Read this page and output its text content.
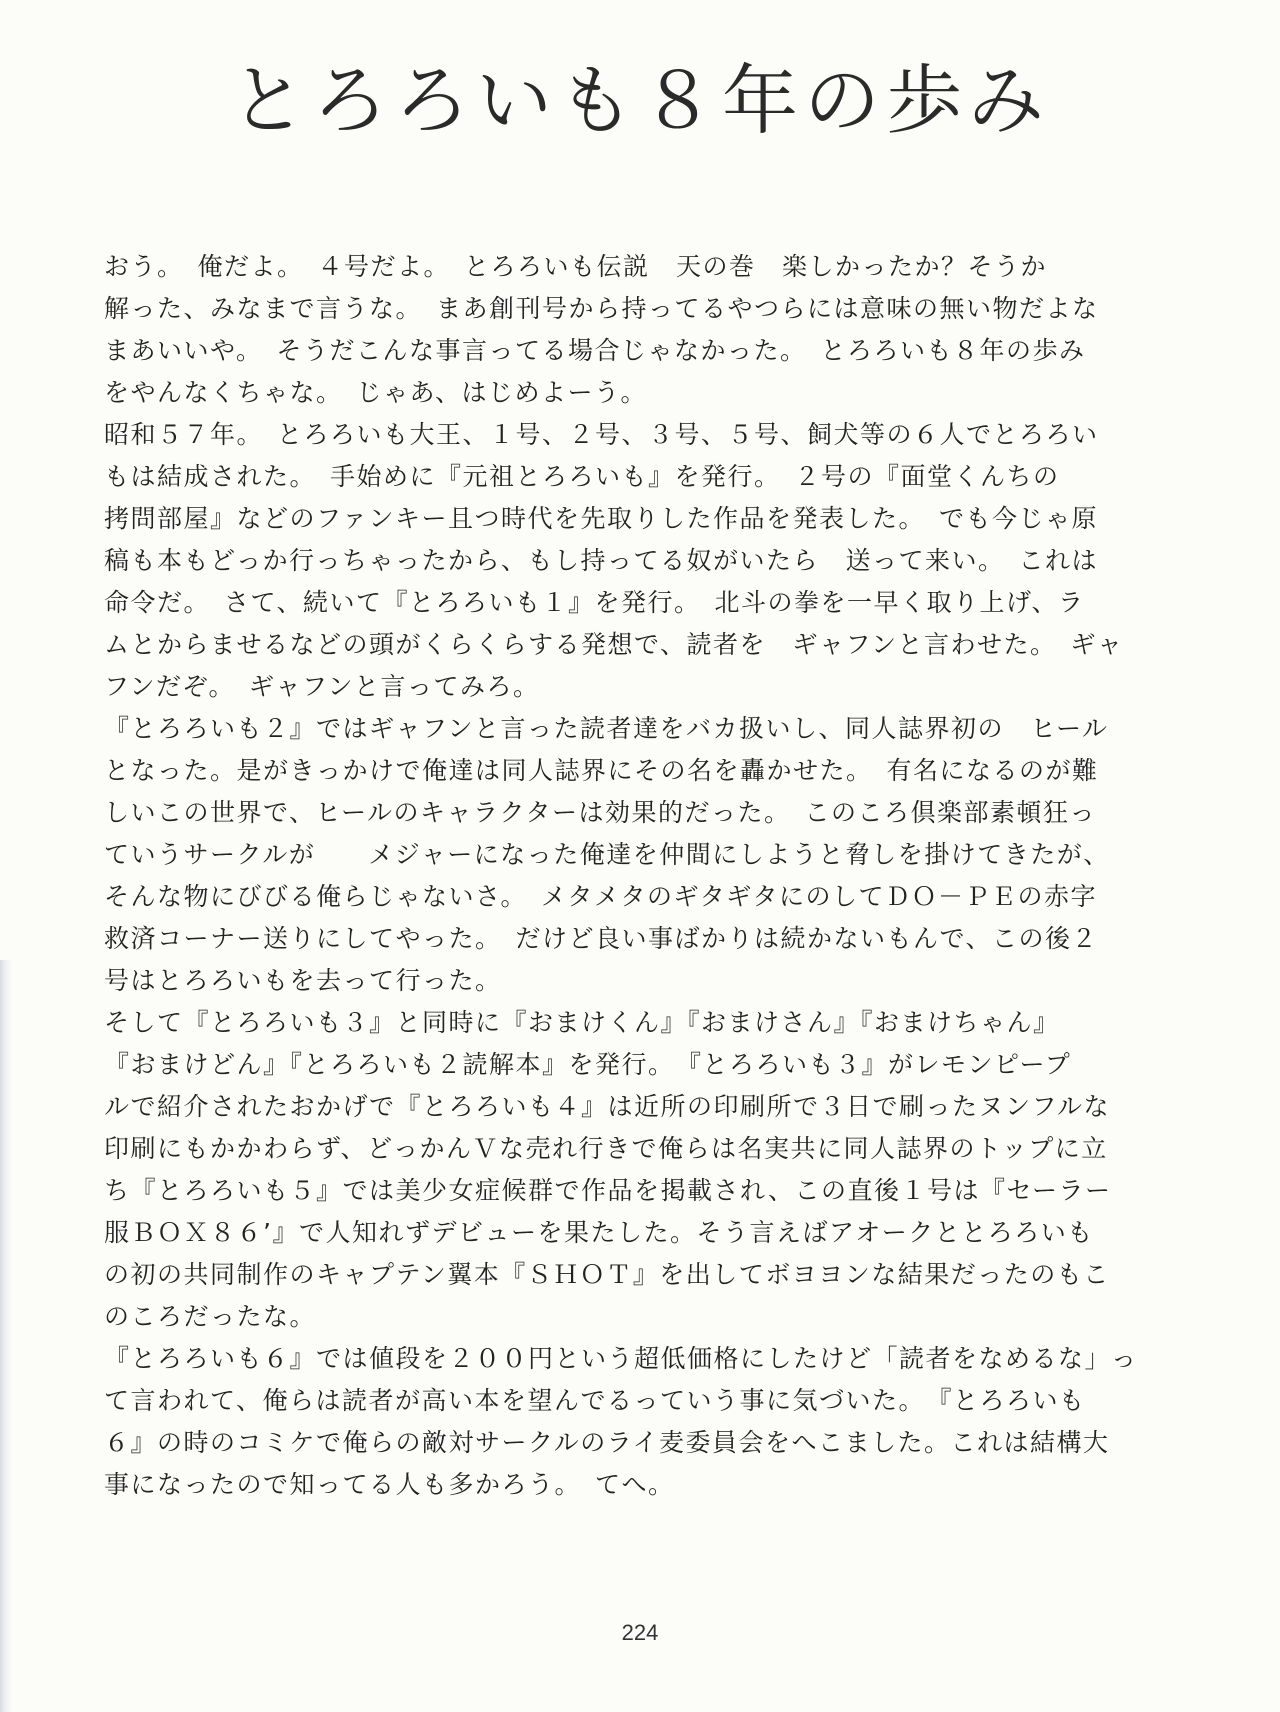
とろろいも８年の歩み
おう。　俺だよ。　４号だよ。　とろろいも伝説　天の巻　楽しかったか？そうか
解った、みなまで言うな。　まあ創刊号から持ってるやつらには意味の無い物だよな
まあいいや。　そうだこんな事言ってる場合じゃなかった。　とろろいも８年の歩み
をやんなくちゃな。　じゃあ、はじめよーう。
昭和５７年。　とろろいも大王、１号、２号、３号、５号、飼犬等の６人でとろろい
もは結成された。　手始めに『元祖とろろいも』を発行。　２号の『面堂くんちの
拷問部屋』などのファンキー且つ時代を先取りした作品を発表した。　でも今じゃ原
稿も本もどっか行っちゃったから、もし持ってる奴がいたら　送って来い。　これは
命令だ。　さて、続いて『とろろいも１』を発行。　北斗の拳を一早く取り上げ、ラ
ムとからませるなどの頭がくらくらする発想で、読者を　ギャフンと言わせた。　ギャ
フンだぞ。　ギャフンと言ってみろ。
『とろろいも２』ではギャフンと言った読者達をバカ扱いし、同人誌界初の　ヒール
となった。是がきっかけで俺達は同人誌界にその名を轟かせた。　有名になるのが難
しいこの世界で、ヒールのキャラクターは効果的だった。　このころ倶楽部素頓狂っ
ていうサークルが　　メジャーになった俺達を仲間にしようと脅しを掛けてきたが、
そんな物にびびる俺らじゃないさ。　メタメタのギタギタにのしてＤＯ－ＰＥの赤字
救済コーナー送りにしてやった。　だけど良い事ばかりは続かないもんで、この後２
号はとろろいもを去って行った。
そして『とろろいも３』と同時に『おまけくん』『おまけさん』『おまけちゃん』
『おまけどん』『とろろいも２読解本』を発行。　『とろろいも３』がレモンピープ
ルで紹介されたおかげで『とろろいも４』は近所の印刷所で３日で刷ったヌンフルな
印刷にもかかわらず、どっかんＶな売れ行きで俺らは名実共に同人誌界のトップに立
ち『とろろいも５』では美少女症候群で作品を掲載され、この直後１号は『セーラー
服ＢＯＸ８６’』で人知れずデビューを果たした。そう言えばアオークととろろいも
の初の共同制作のキャプテン翼本『ＳＨＯＴ』を出してボヨヨンな結果だったのもこ
のころだったな。
『とろろいも６』では値段を２００円という超低価格にしたけど「読者をなめるな」っ
て言われて、俺らは読者が高い本を望んでるっていう事に気づいた。　『とろろいも
６』の時のコミケで俺らの敵対サークルのライ麦委員会をへこました。これは結構大
事になったので知ってる人も多かろう。　てへ。
224
